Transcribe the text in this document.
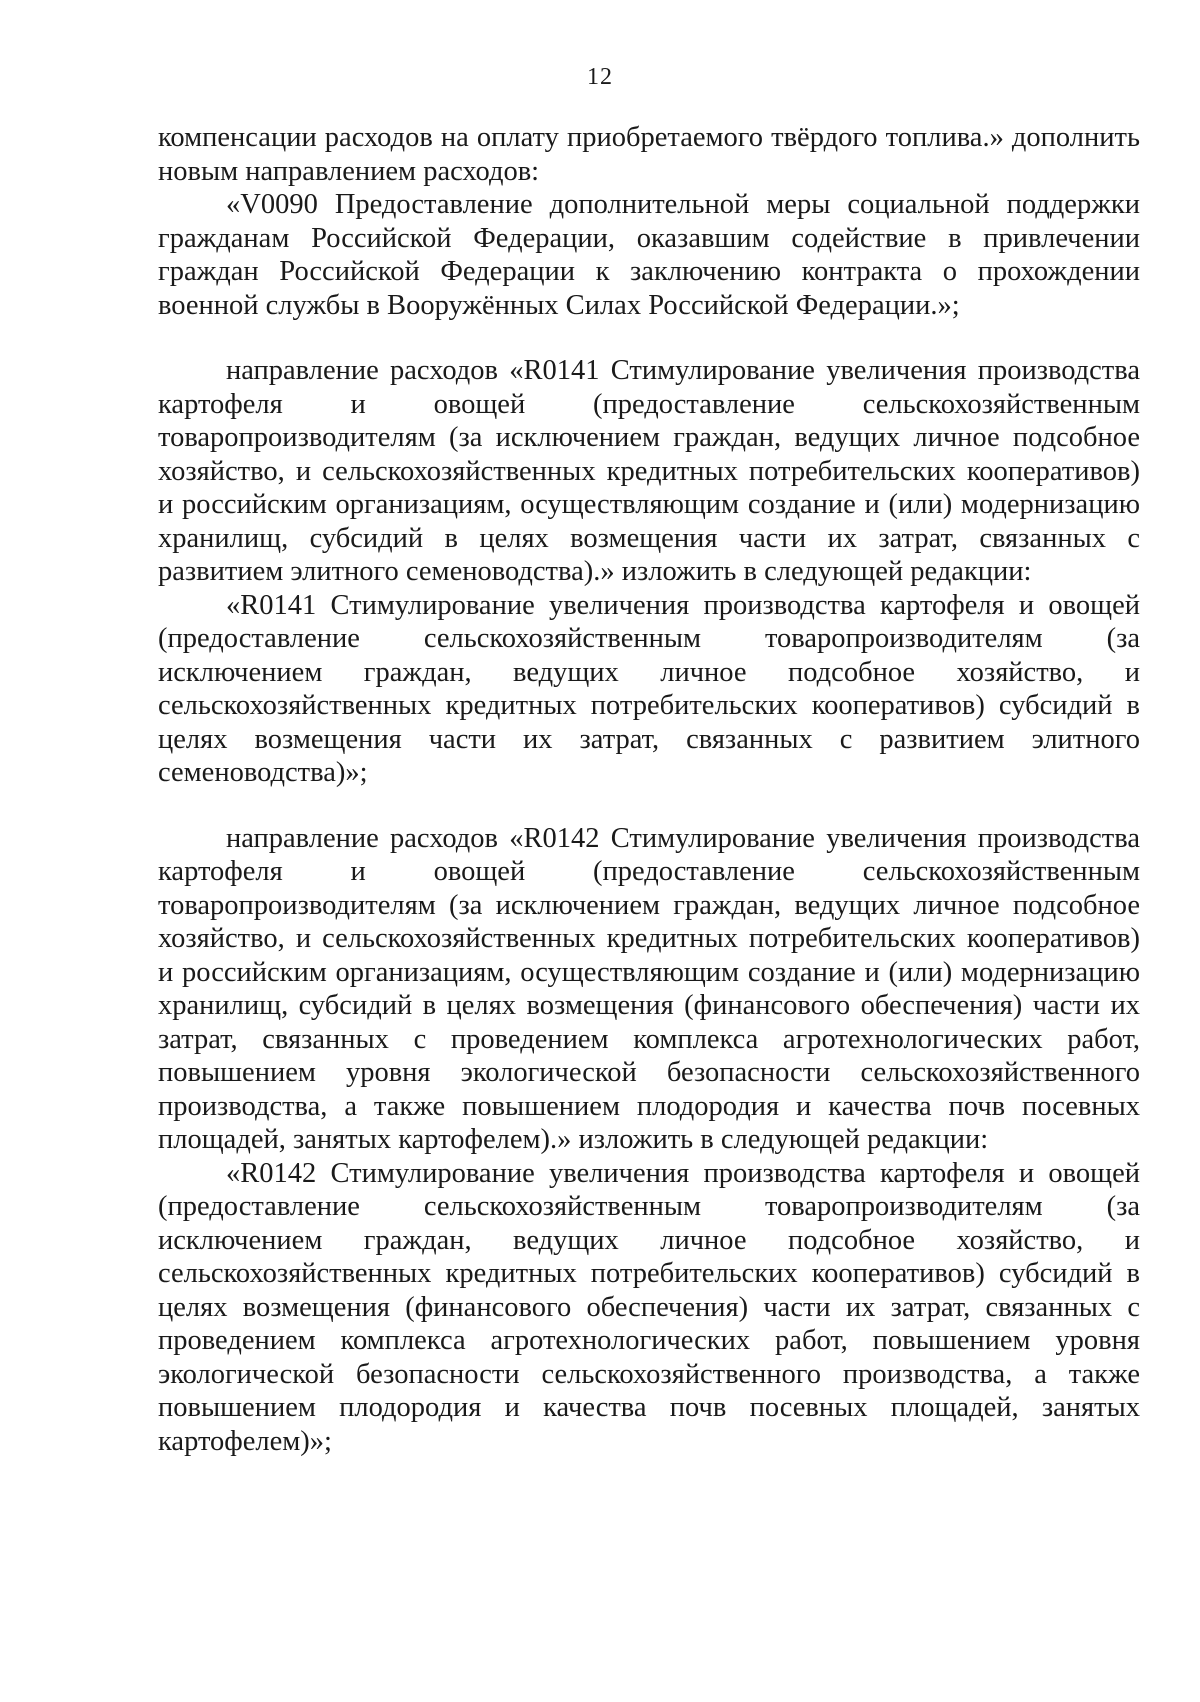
12

компенсации расходов на оплату приобретаемого твёрдого топлива.» дополнить новым направлением расходов:

«V0090 Предоставление дополнительной меры социальной поддержки гражданам Российской Федерации, оказавшим содействие в привлечении граждан Российской Федерации к заключению контракта о прохождении военной службы в Вооружённых Силах Российской Федерации.»;

направление расходов «R0141 Стимулирование увеличения производства картофеля и овощей (предоставление сельскохозяйственным товаропроизводителям (за исключением граждан, ведущих личное подсобное хозяйство, и сельскохозяйственных кредитных потребительских кооперативов) и российским организациям, осуществляющим создание и (или) модернизацию хранилищ, субсидий в целях возмещения части их затрат, связанных с развитием элитного семеноводства).» изложить в следующей редакции:

«R0141 Стимулирование увеличения производства картофеля и овощей (предоставление сельскохозяйственным товаропроизводителям (за исключением граждан, ведущих личное подсобное хозяйство, и сельскохозяйственных кредитных потребительских кооперативов) субсидий в целях возмещения части их затрат, связанных с развитием элитного семеноводства)»;

направление расходов «R0142 Стимулирование увеличения производства картофеля и овощей (предоставление сельскохозяйственным товаропроизводителям (за исключением граждан, ведущих личное подсобное хозяйство, и сельскохозяйственных кредитных потребительских кооперативов) и российским организациям, осуществляющим создание и (или) модернизацию хранилищ, субсидий в целях возмещения (финансового обеспечения) части их затрат, связанных с проведением комплекса агротехнологических работ, повышением уровня экологической безопасности сельскохозяйственного производства, а также повышением плодородия и качества почв посевных площадей, занятых картофелем).» изложить в следующей редакции:

«R0142 Стимулирование увеличения производства картофеля и овощей (предоставление сельскохозяйственным товаропроизводителям (за исключением граждан, ведущих личное подсобное хозяйство, и сельскохозяйственных кредитных потребительских кооперативов) субсидий в целях возмещения (финансового обеспечения) части их затрат, связанных с проведением комплекса агротехнологических работ, повышением уровня экологической безопасности сельскохозяйственного производства, а также повышением плодородия и качества почв посевных площадей, занятых картофелем)»;
